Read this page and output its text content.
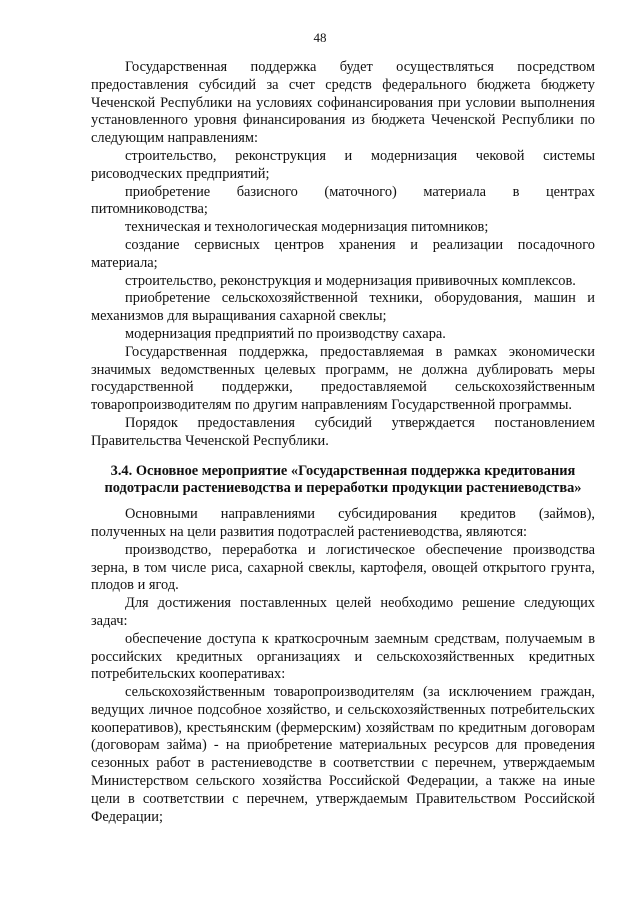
48

Государственная поддержка будет осуществляться посредством предоставления субсидий за счет средств федерального бюджета бюджету Чеченской Республики на условиях софинансирования при условии выполнения установленного уровня финансирования из бюджета Чеченской Республики по следующим направлениям:

строительство, реконструкция и модернизация чековой системы рисоводческих предприятий;

приобретение базисного (маточного) материала в центрах питомниководства;

техническая и технологическая модернизация питомников;

создание сервисных центров хранения и реализации посадочного материала;

строительство, реконструкция и модернизация прививочных комплексов.

приобретение сельскохозяйственной техники, оборудования, машин и механизмов для выращивания сахарной свеклы;

модернизация предприятий по производству сахара.

Государственная поддержка, предоставляемая в рамках экономически значимых ведомственных целевых программ, не должна дублировать меры государственной поддержки, предоставляемой сельскохозяйственным товаропроизводителям по другим направлениям Государственной программы.

Порядок предоставления субсидий утверждается постановлением Правительства Чеченской Республики.

3.4. Основное мероприятие «Государственная поддержка кредитования подотрасли растениеводства и переработки продукции растениеводства»

Основными направлениями субсидирования кредитов (займов), полученных на цели развития подотраслей растениеводства, являются:

производство, переработка и логистическое обеспечение производства зерна, в том числе риса, сахарной свеклы, картофеля, овощей открытого грунта, плодов и ягод.

Для достижения поставленных целей необходимо решение следующих задач:

обеспечение доступа к краткосрочным заемным средствам, получаемым в российских кредитных организациях и сельскохозяйственных кредитных потребительских кооперативах:

сельскохозяйственным товаропроизводителям (за исключением граждан, ведущих личное подсобное хозяйство, и сельскохозяйственных потребительских кооперативов), крестьянским (фермерским) хозяйствам по кредитным договорам (договорам займа) - на приобретение материальных ресурсов для проведения сезонных работ в растениеводстве в соответствии с перечнем, утверждаемым Министерством сельского хозяйства Российской Федерации, а также на иные цели в соответствии с перечнем, утверждаемым Правительством Российской Федерации;
